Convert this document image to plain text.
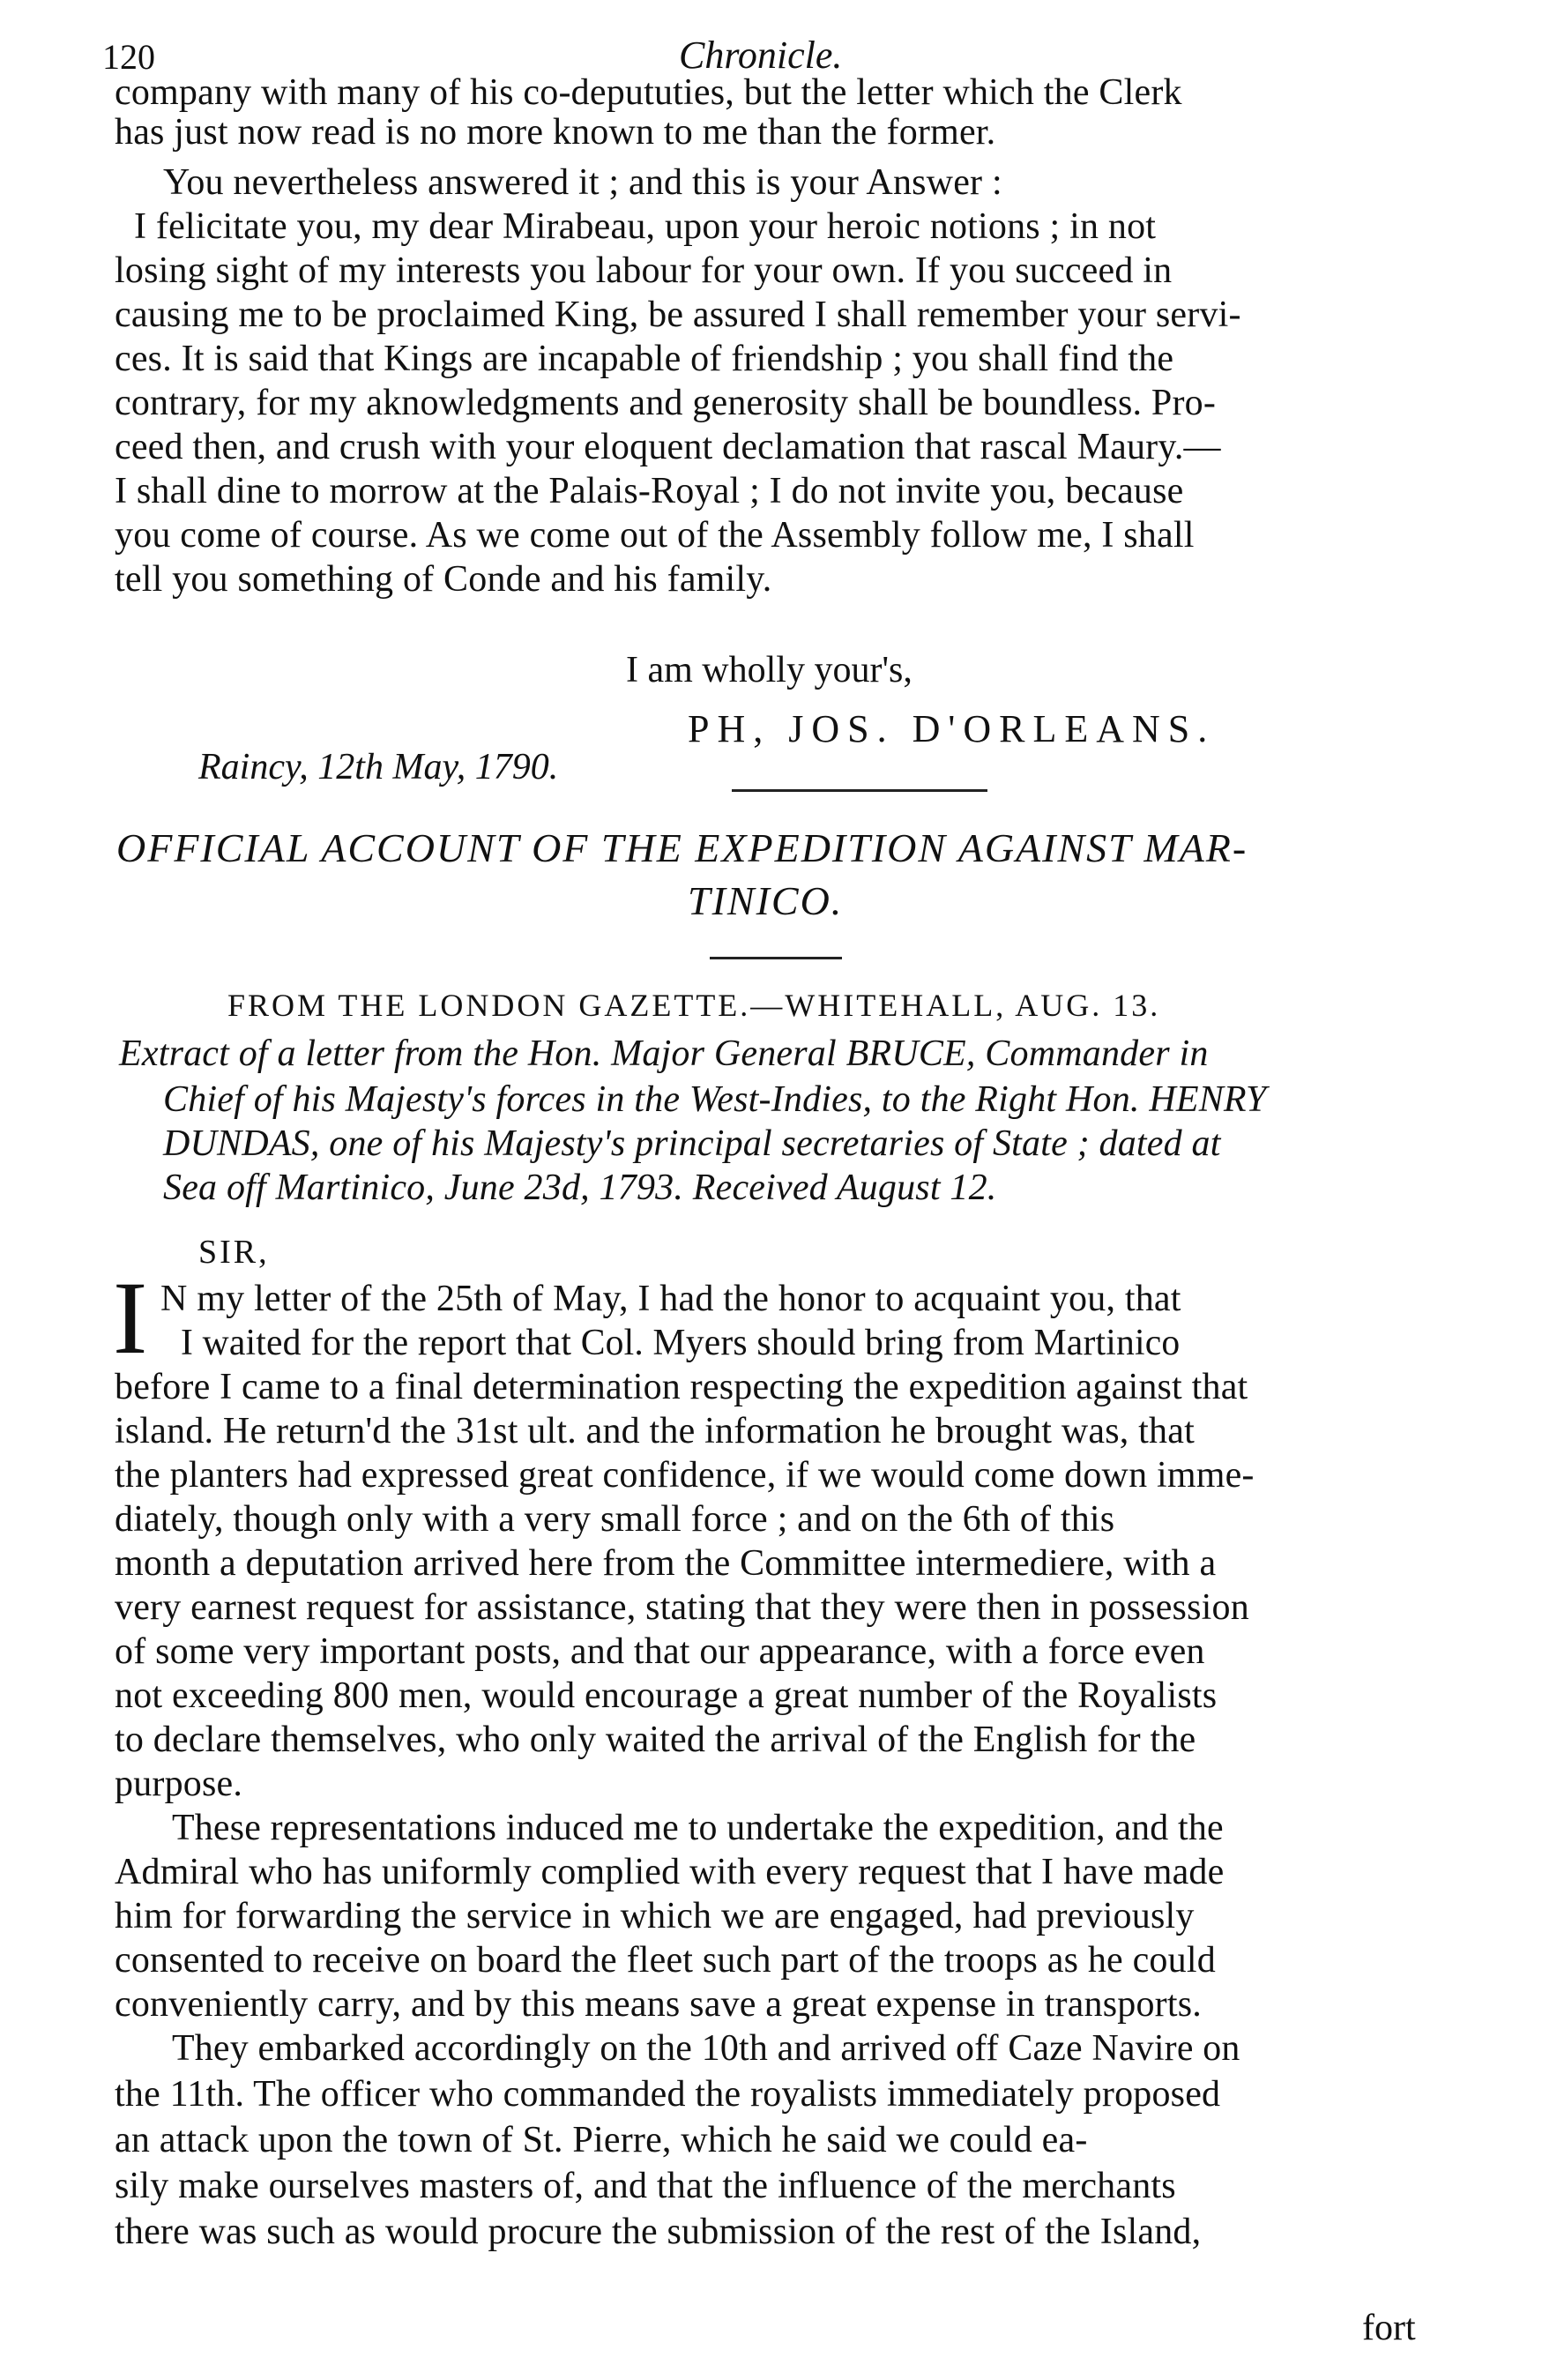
120	Chronicle.
company with many of his co-depututies, but the letter which the Clerk
has just now read is no more known to me than the former.
You nevertheless answered it ; and this is your Answer :
I felicitate you, my dear Mirabeau, upon your heroic notions ; in not
losing sight of my interests you labour for your own. If you succeed in
causing me to be proclaimed King, be assured I shall remember your servi-
ces. It is said that Kings are incapable of friendship ; you shall find the
contrary, for my aknowledgments and generosity shall be boundless. Pro-
ceed then, and crush with your eloquent declamation that rascal Maury.—
I shall dine to morrow at the Palais-Royal ; I do not invite you, because
you come of course. As we come out of the Assembly follow me, I shall
tell you something of Conde and his family.
I am wholly your's,
PH, JOS. D'ORLEANS.
Raincy, 12th May, 1790.
OFFICIAL ACCOUNT OF THE EXPEDITION AGAINST MAR-
TINICO.
FROM THE LONDON GAZETTE.—WHITEHALL, AUG. 13.
Extract of a letter from the Hon. Major General BRUCE, Commander in
Chief of his Majesty's forces in the West-Indies, to the Right Hon. HENRY
DUNDAS, one of his Majesty's principal secretaries of State ; dated at
Sea off Martinico, June 23d, 1793. Received August 12.
SIR,
I N my letter of the 25th of May, I had the honor to acquaint you, that
I waited for the report that Col. Myers should bring from Martinico
before I came to a final determination respecting the expedition against that
island. He return'd the 31st ult. and the information he brought was, that
the planters had expressed great confidence, if we would come down imme-
diately, though only with a very small force ; and on the 6th of this
month a deputation arrived here from the Committee intermediere, with a
very earnest request for assistance, stating that they were then in possession
of some very important posts, and that our appearance, with a force even
not exceeding 800 men, would encourage a great number of the Royalists
to declare themselves, who only waited the arrival of the English for the
purpose.
These representations induced me to undertake the expedition, and the
Admiral who has uniformly complied with every request that I have made
him for forwarding the service in which we are engaged, had previously
consented to receive on board the fleet such part of the troops as he could
conveniently carry, and by this means save a great expense in transports.
They embarked accordingly on the 10th and arrived off Caze Navire on
the 11th. The officer who commanded the royalists immediately proposed
an attack upon the town of St. Pierre, which he said we could ea-
sily make ourselves masters of, and that the influence of the merchants
there was such as would procure the submission of the rest of the Island,
fort
